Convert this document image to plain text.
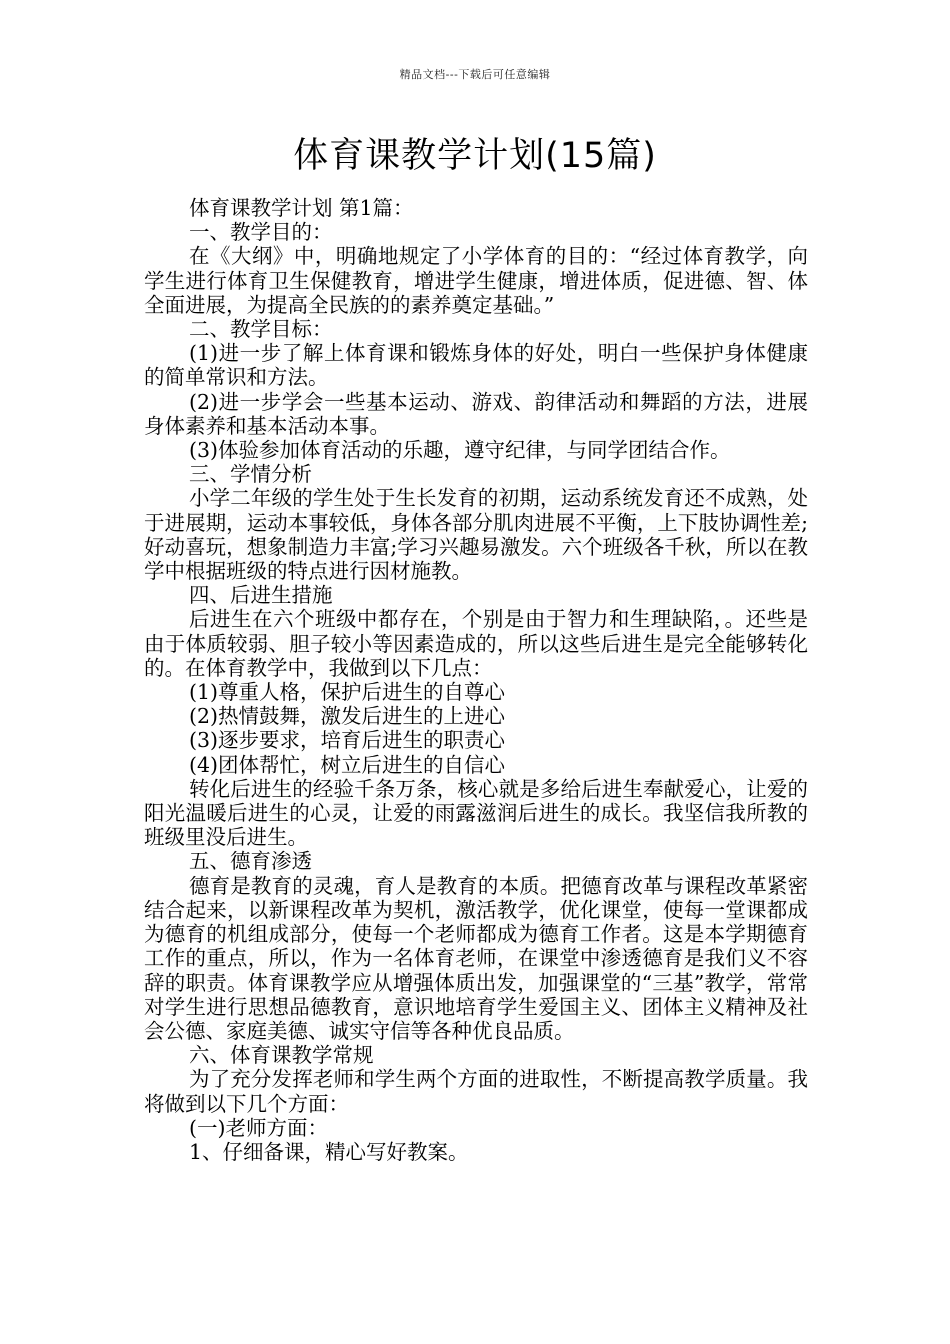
精品文档---下载后可任意编辑
体育课教学计划(15篇)

体育课教学计划 第1篇：

一、教学目的：

在《大纲》中，明确地规定了小学体育的目的：“经过体育教学，向学生进行体育卫生保健教育，增进学生健康，增进体质，促进德、智、体全面进展，为提高全民族的的素养奠定基础。”

二、教学目标：

(1)进一步了解上体育课和锻炼身体的好处，明白一些保护身体健康的简单常识和方法。

(2)进一步学会一些基本运动、游戏、韵律活动和舞蹈的方法，进展身体素养和基本活动本事。

(3)体验参加体育活动的乐趣，遵守纪律，与同学团结合作。

三、学情分析

小学二年级的学生处于生长发育的初期，运动系统发育还不成熟，处于进展期，运动本事较低，身体各部分肌肉进展不平衡，上下肢协调性差;好动喜玩，想象制造力丰富;学习兴趣易激发。六个班级各千秋，所以在教学中根据班级的特点进行因材施教。

四、后进生措施

后进生在六个班级中都存在，个别是由于智力和生理缺陷，。还些是由于体质较弱、胆子较小等因素造成的，所以这些后进生是完全能够转化的。在体育教学中，我做到以下几点：

(1)尊重人格，保护后进生的自尊心

(2)热情鼓舞，激发后进生的上进心

(3)逐步要求，培育后进生的职责心

(4)团体帮忙，树立后进生的自信心

转化后进生的经验千条万条，核心就是多给后进生奉献爱心，让爱的阳光温暖后进生的心灵，让爱的雨露滋润后进生的成长。我坚信我所教的班级里没后进生。

五、德育渗透

德育是教育的灵魂，育人是教育的本质。把德育改革与课程改革紧密结合起来，以新课程改革为契机，激活教学，优化课堂，使每一堂课都成为德育的机组成部分，使每一个老师都成为德育工作者。这是本学期德育工作的重点，所以，作为一名体育老师，在课堂中渗透德育是我们义不容辞的职责。体育课教学应从增强体质出发，加强课堂的“三基”教学，常常对学生进行思想品德教育，意识地培育学生爱国主义、团体主义精神及社会公德、家庭美德、诚实守信等各种优良品质。

六、体育课教学常规

为了充分发挥老师和学生两个方面的进取性，不断提高教学质量。我将做到以下几个方面：

(一)老师方面：

1、仔细备课，精心写好教案。
